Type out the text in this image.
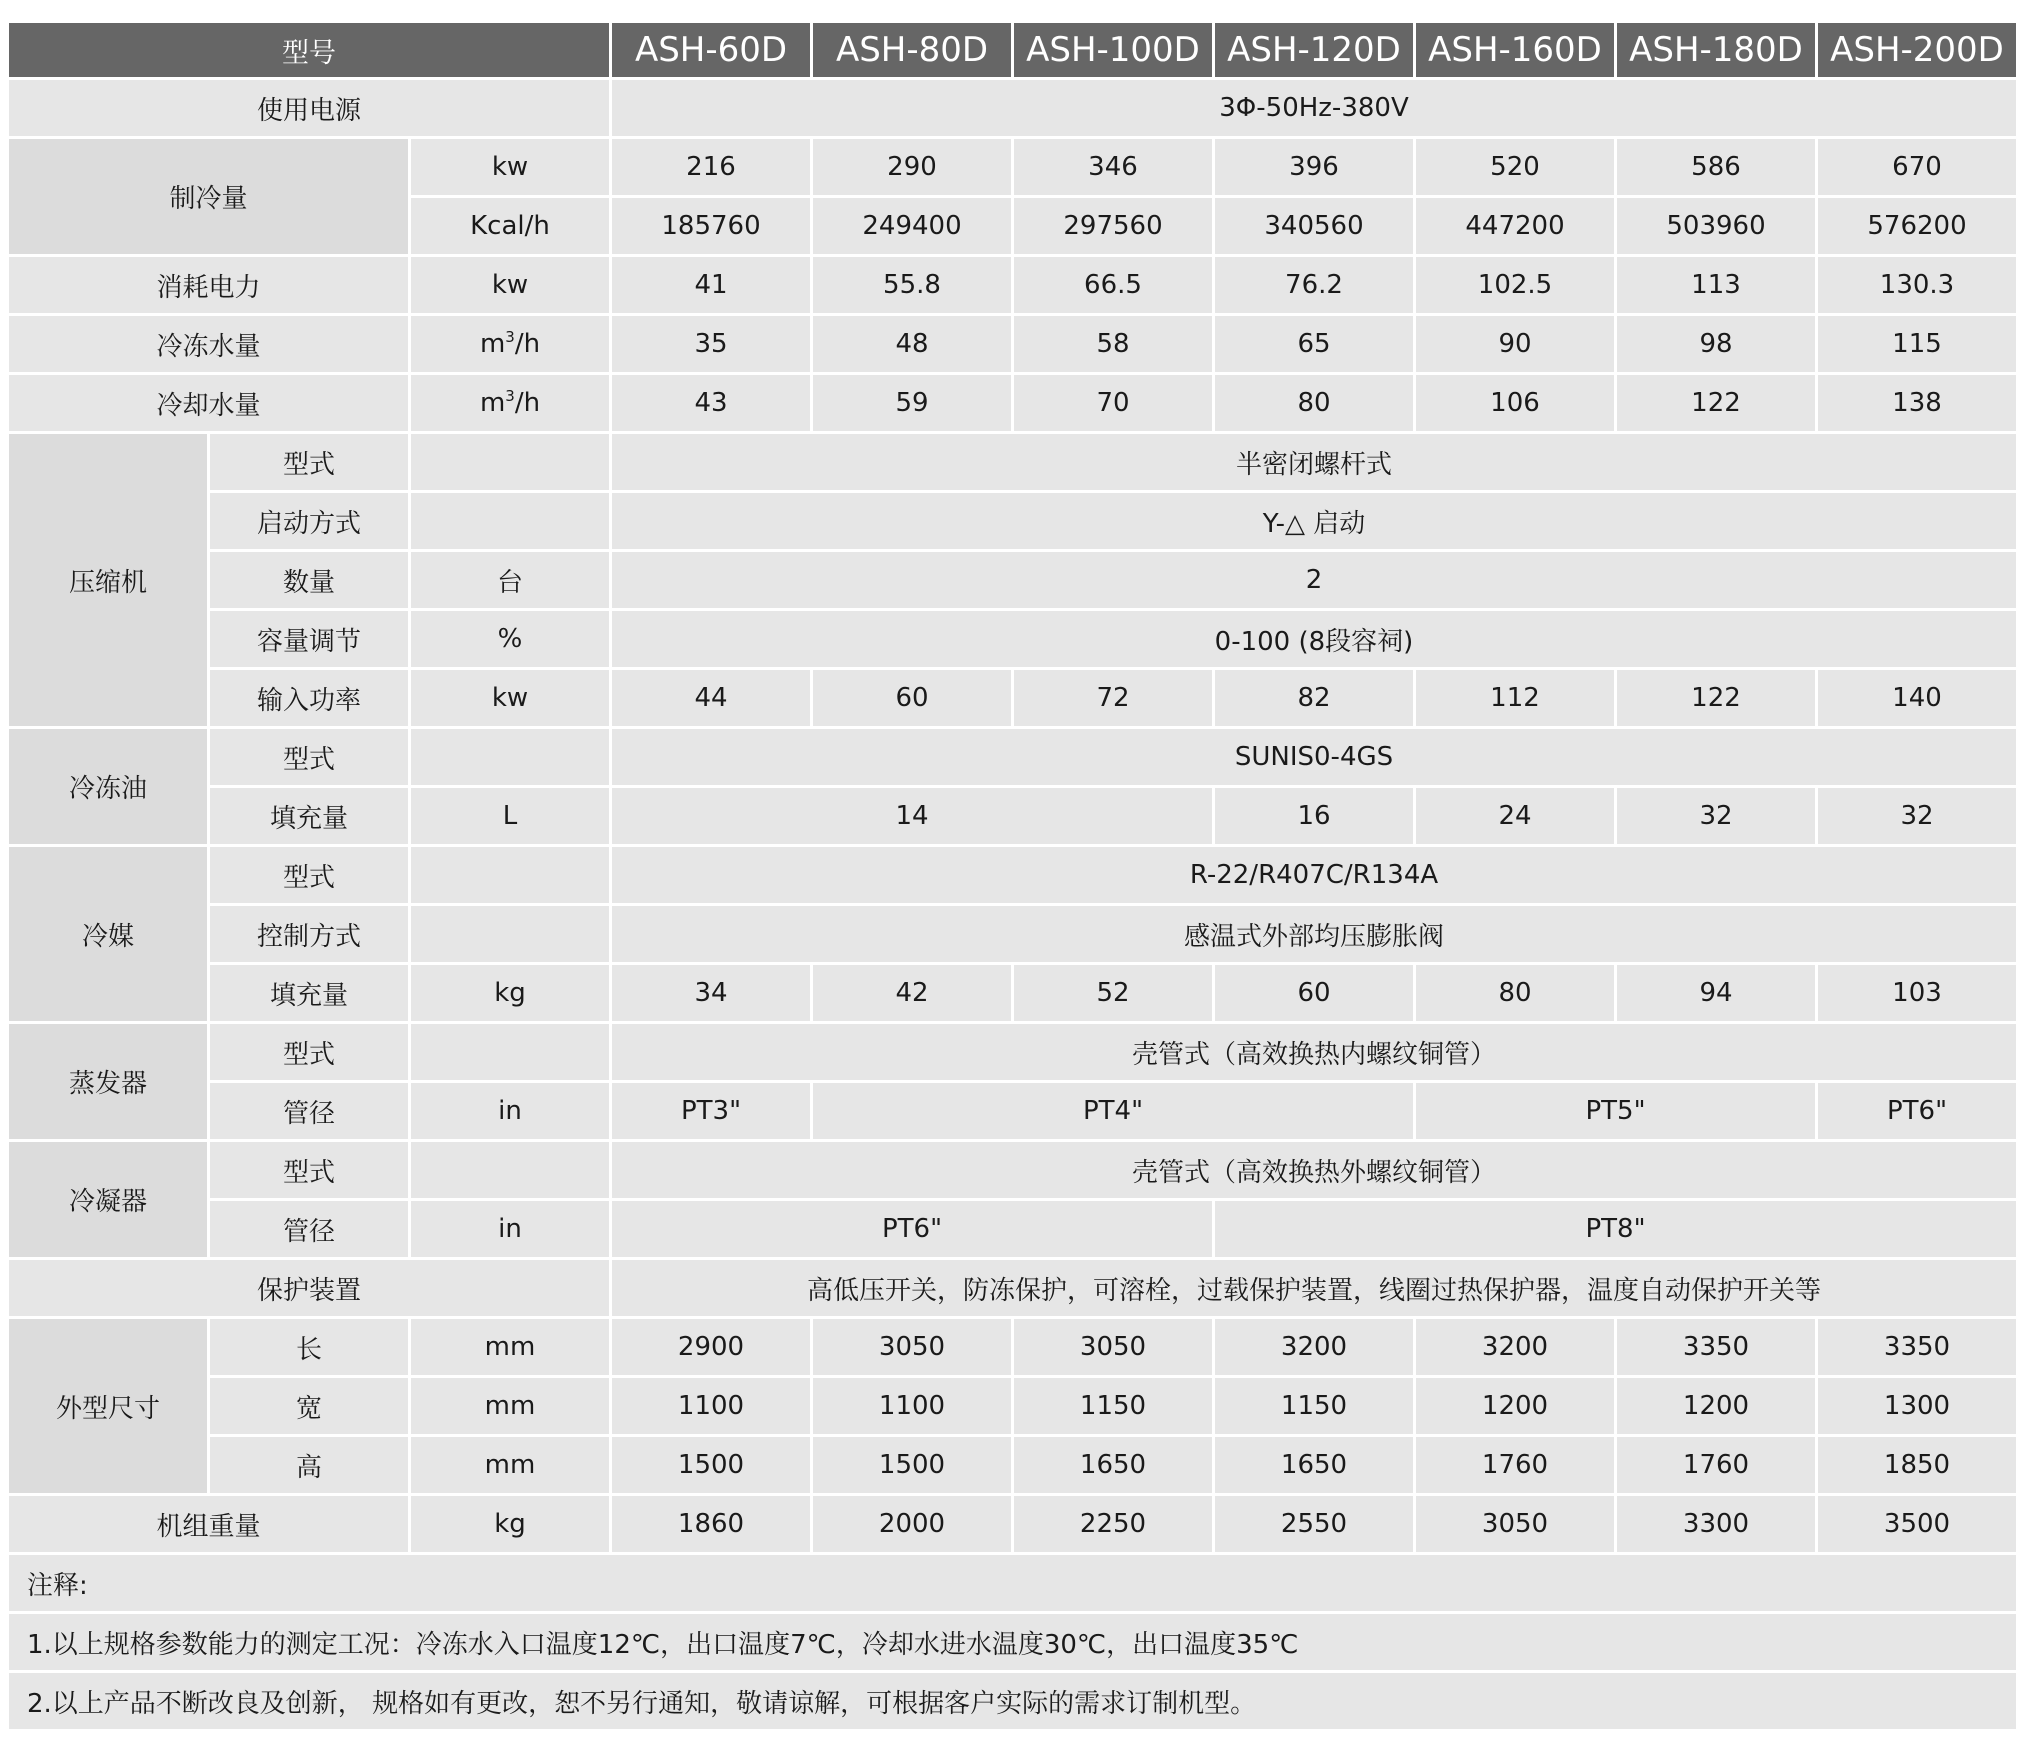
型号			ASH-60D	ASH-80D	ASH-100D	ASH-120D	ASH-160D	ASH-180D	ASH-200D
使用电源			3Φ-50Hz-380V						
制冷量		kw	216	290	346	396	520	586	670
		Kcal/h	185760	249400	297560	340560	447200	503960	576200
消耗电力		kw	41	55.8	66.5	76.2	102.5	113	130.3
冷冻水量		$m^3/h$	35	48	58	65	90	98	115
冷却水量		$m^3/h$	43	59	70	80	106	122	138
压缩机	型式		半密闭螺杆式						
	启动方式		Y-△ 启动						
	数量	台	2						
	容量调节	%	0-100 (8段容祠)						
	输入功率	kw	44	60	72	82	112	122	140
冷冻油	型式		SUNIS0-4GS						
	填充量	L	14			16	24	32	32
冷媒	型式		R-22/R407C/R134A						
	控制方式		感温式外部均压膨胀阀						
	填充量	kg	34	42	52	60	80	94	103
蒸发器	型式		壳管式（高效换热内螺纹铜管）						
	管径	in	PT3"	PT4"			PT5"		PT6"
冷凝器	型式		壳管式（高效换热外螺纹铜管）						
	管径	in	PT6"			PT8"			
保护装置			高低压开关，防冻保护，可溶栓，过载保护装置，线圈过热保护器，温度自动保护开关等						
外型尺寸	长	mm	2900	3050	3050	3200	3200	3350	3350
	宽	mm	1100	1100	1150	1150	1200	1200	1300
	高	mm	1500	1500	1650	1650	1760	1760	1850
机组重量		kg	1860	2000	2250	2550	3050	3300	3500
注释:									
1.以上规格参数能力的测定工况：冷冻水入口温度12℃，出口温度7℃，冷却水进水温度30℃，出口温度35℃									
2.以上产品不断改良及创新， 规格如有更改，恕不另行通知，敬请谅解，可根据客户实际的需求订制机型。									
